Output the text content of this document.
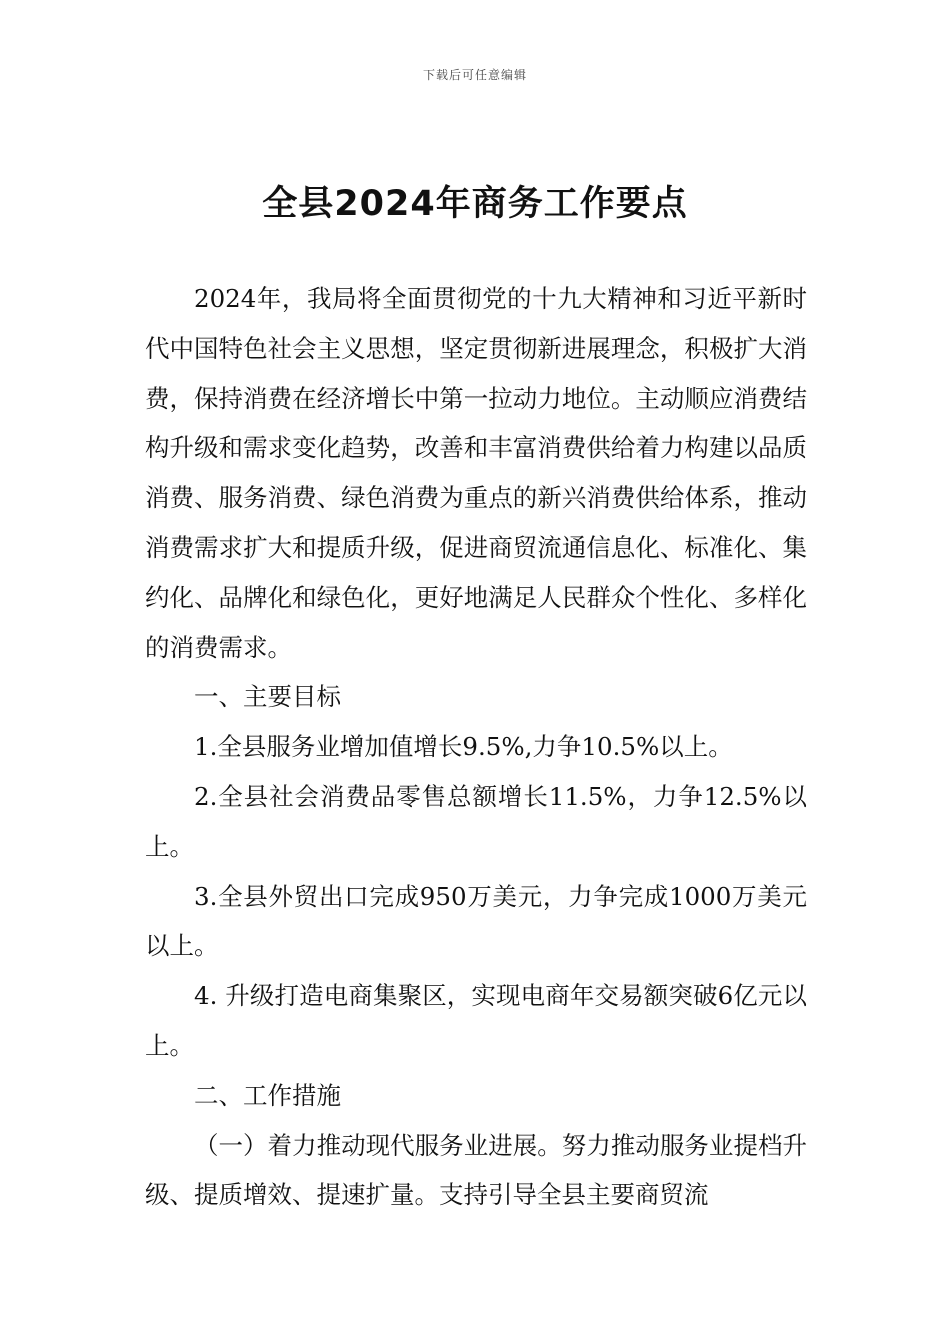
下载后可任意编辑
全县2024年商务工作要点

2024年，我局将全面贯彻党的十九大精神和习近平新时代中国特色社会主义思想，坚定贯彻新进展理念，积极扩大消费，保持消费在经济增长中第一拉动力地位。主动顺应消费结构升级和需求变化趋势，改善和丰富消费供给着力构建以品质消费、服务消费、绿色消费为重点的新兴消费供给体系，推动消费需求扩大和提质升级，促进商贸流通信息化、标准化、集约化、品牌化和绿色化，更好地满足人民群众个性化、多样化的消费需求。

一、主要目标

1.全县服务业增加值增长9.5%,力争10.5%以上。

2.全县社会消费品零售总额增长11.5%，力争12.5%以上。

3.全县外贸出口完成950万美元，力争完成1000万美元以上。

4. 升级打造电商集聚区，实现电商年交易额突破6亿元以上。

二、工作措施

（一）着力推动现代服务业进展。努力推动服务业提档升级、提质增效、提速扩量。支持引导全县主要商贸流
